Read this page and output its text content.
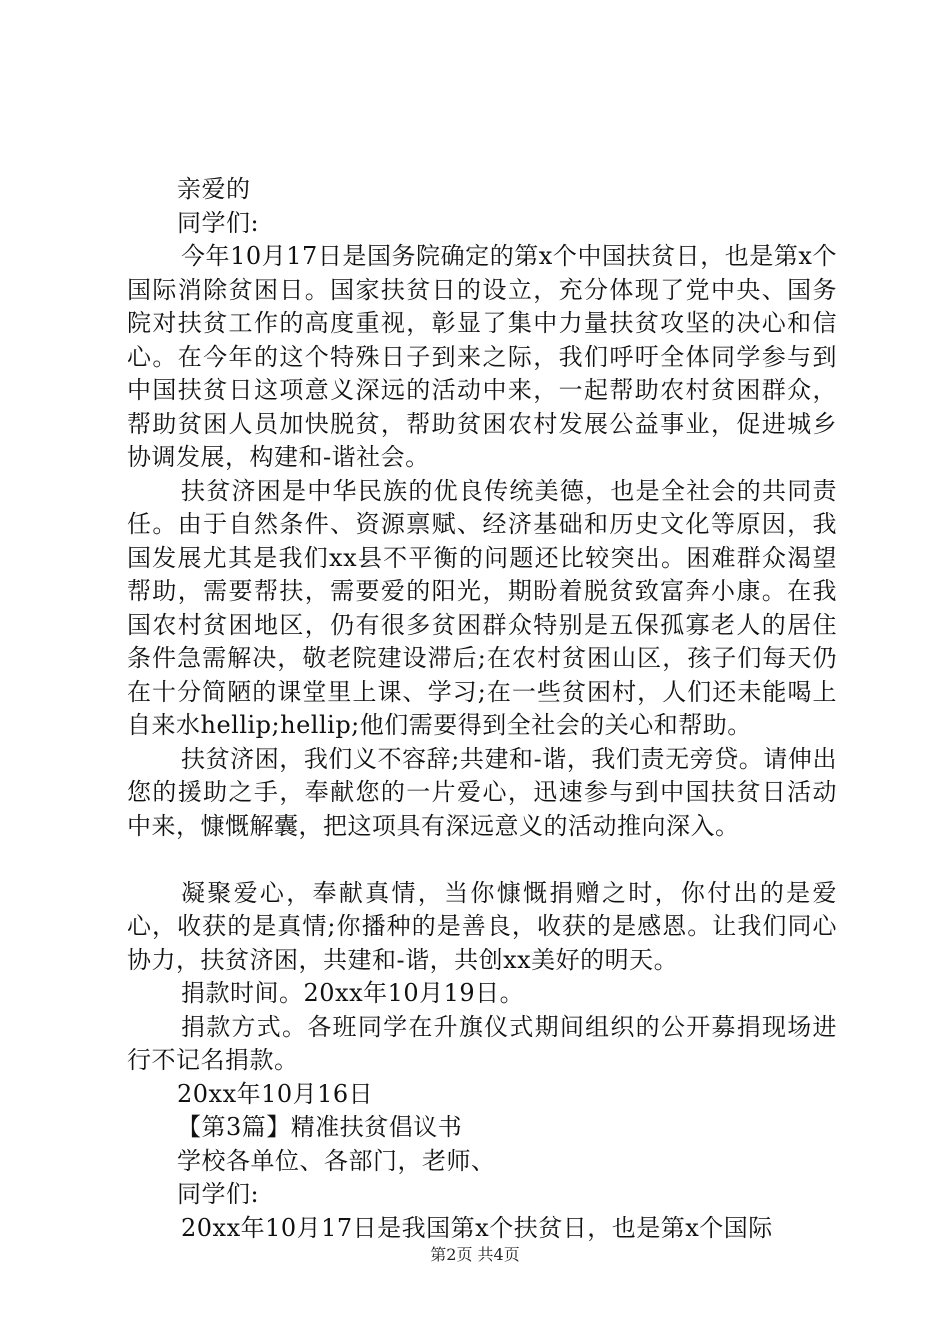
亲爱的

同学们:

今年10月17日是国务院确定的第x个中国扶贫日，也是第x个国际消除贫困日。国家扶贫日的设立，充分体现了党中央、国务院对扶贫工作的高度重视，彰显了集中力量扶贫攻坚的决心和信心。在今年的这个特殊日子到来之际，我们呼吁全体同学参与到中国扶贫日这项意义深远的活动中来，一起帮助农村贫困群众，帮助贫困人员加快脱贫，帮助贫困农村发展公益事业，促进城乡协调发展，构建和-谐社会。

扶贫济困是中华民族的优良传统美德，也是全社会的共同责任。由于自然条件、资源禀赋、经济基础和历史文化等原因，我国发展尤其是我们xx县不平衡的问题还比较突出。困难群众渴望帮助，需要帮扶，需要爱的阳光，期盼着脱贫致富奔小康。在我国农村贫困地区，仍有很多贫困群众特别是五保孤寡老人的居住条件急需解决，敬老院建设滞后;在农村贫困山区，孩子们每天仍在十分简陋的课堂里上课、学习;在一些贫困村，人们还未能喝上自来水hellip;hellip;他们需要得到全社会的关心和帮助。

扶贫济困，我们义不容辞;共建和-谐，我们责无旁贷。请伸出您的援助之手，奉献您的一片爱心，迅速参与到中国扶贫日活动中来，慷慨解囊，把这项具有深远意义的活动推向深入。

凝聚爱心，奉献真情，当你慷慨捐赠之时，你付出的是爱心，收获的是真情;你播种的是善良，收获的是感恩。让我们同心协力，扶贫济困，共建和-谐，共创xx美好的明天。

捐款时间。20xx年10月19日。

捐款方式。各班同学在升旗仪式期间组织的公开募捐现场进行不记名捐款。

20xx年10月16日

【第3篇】精准扶贫倡议书

学校各单位、各部门，老师、

同学们:

20xx年10月17日是我国第x个扶贫日，也是第x个国际

第2页 共4页
